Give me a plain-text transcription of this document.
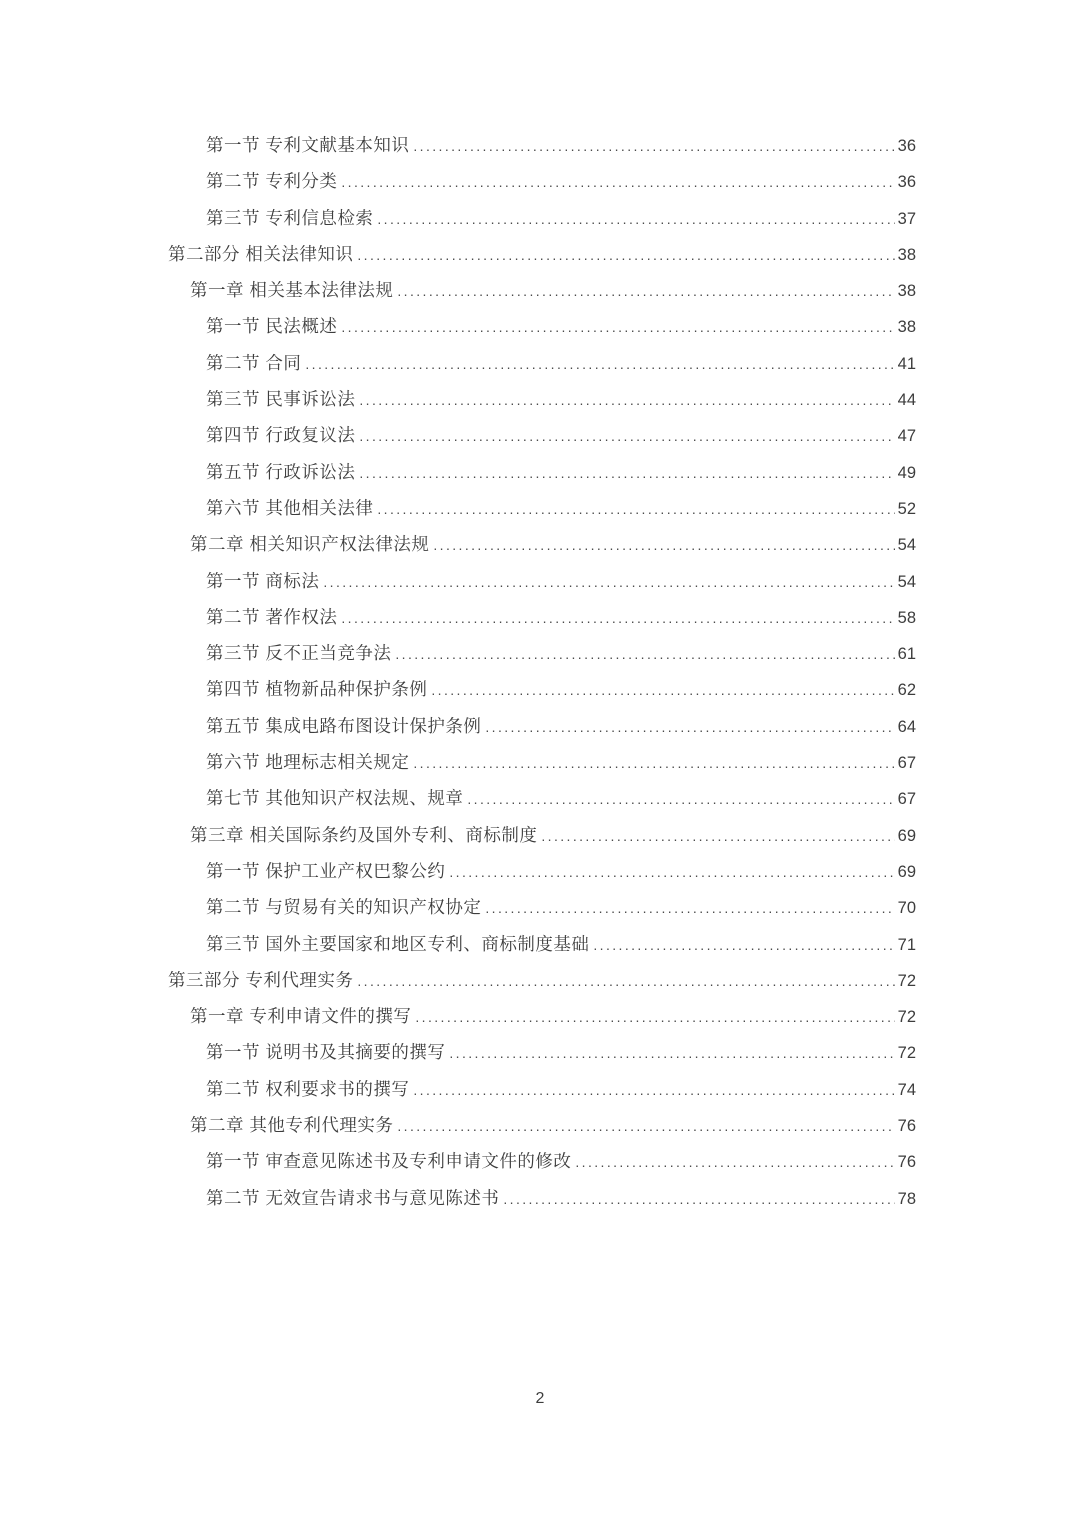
第一节 专利文献基本知识 .....	36
第二节 专利分类 .....	36
第三节 专利信息检索 .....	37
第二部分 相关法律知识 .....	38
第一章 相关基本法律法规 .....	38
第一节 民法概述 .....	38
第二节 合同 .....	41
第三节 民事诉讼法 .....	44
第四节 行政复议法 .....	47
第五节 行政诉讼法 .....	49
第六节 其他相关法律 .....	52
第二章 相关知识产权法律法规 .....	54
第一节 商标法 .....	54
第二节 著作权法 .....	58
第三节 反不正当竞争法 .....	61
第四节 植物新品种保护条例 .....	62
第五节 集成电路布图设计保护条例 .....	64
第六节 地理标志相关规定 .....	67
第七节 其他知识产权法规、规章 .....	67
第三章 相关国际条约及国外专利、商标制度 .....	69
第一节 保护工业产权巴黎公约 .....	69
第二节 与贸易有关的知识产权协定 .....	70
第三节 国外主要国家和地区专利、商标制度基础 .....	71
第三部分 专利代理实务 .....	72
第一章 专利申请文件的撰写 .....	72
第一节 说明书及其摘要的撰写 .....	72
第二节 权利要求书的撰写 .....	74
第二章 其他专利代理实务 .....	76
第一节 审查意见陈述书及专利申请文件的修改 .....	76
第二节 无效宣告请求书与意见陈述书 .....	78
2
